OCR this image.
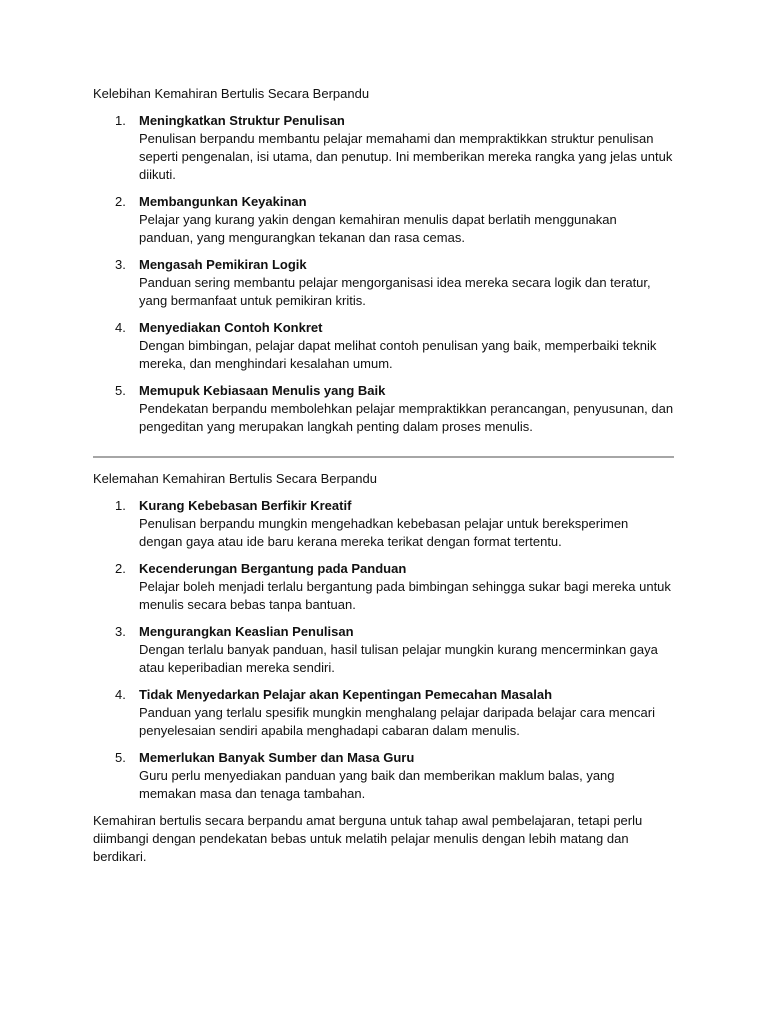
Kelebihan Kemahiran Bertulis Secara Berpandu

1. Meningkatkan Struktur Penulisan
Penulisan berpandu membantu pelajar memahami dan mempraktikkan struktur penulisan seperti pengenalan, isi utama, dan penutup. Ini memberikan mereka rangka yang jelas untuk diikuti.
2. Membangunkan Keyakinan
Pelajar yang kurang yakin dengan kemahiran menulis dapat berlatih menggunakan panduan, yang mengurangkan tekanan dan rasa cemas.
3. Mengasah Pemikiran Logik
Panduan sering membantu pelajar mengorganisasi idea mereka secara logik dan teratur, yang bermanfaat untuk pemikiran kritis.
4. Menyediakan Contoh Konkret
Dengan bimbingan, pelajar dapat melihat contoh penulisan yang baik, memperbaiki teknik mereka, dan menghindari kesalahan umum.
5. Memupuk Kebiasaan Menulis yang Baik
Pendekatan berpandu membolehkan pelajar mempraktikkan perancangan, penyusunan, dan pengeditan yang merupakan langkah penting dalam proses menulis.

Kelemahan Kemahiran Bertulis Secara Berpandu

1. Kurang Kebebasan Berfikir Kreatif
Penulisan berpandu mungkin mengehadkan kebebasan pelajar untuk bereksperimen dengan gaya atau ide baru kerana mereka terikat dengan format tertentu.
2. Kecenderungan Bergantung pada Panduan
Pelajar boleh menjadi terlalu bergantung pada bimbingan sehingga sukar bagi mereka untuk menulis secara bebas tanpa bantuan.
3. Mengurangkan Keaslian Penulisan
Dengan terlalu banyak panduan, hasil tulisan pelajar mungkin kurang mencerminkan gaya atau keperibadian mereka sendiri.
4. Tidak Menyedarkan Pelajar akan Kepentingan Pemecahan Masalah
Panduan yang terlalu spesifik mungkin menghalang pelajar daripada belajar cara mencari penyelesaian sendiri apabila menghadapi cabaran dalam menulis.
5. Memerlukan Banyak Sumber dan Masa Guru
Guru perlu menyediakan panduan yang baik dan memberikan maklum balas, yang memakan masa dan tenaga tambahan.

Kemahiran bertulis secara berpandu amat berguna untuk tahap awal pembelajaran, tetapi perlu diimbangi dengan pendekatan bebas untuk melatih pelajar menulis dengan lebih matang dan berdikari.
